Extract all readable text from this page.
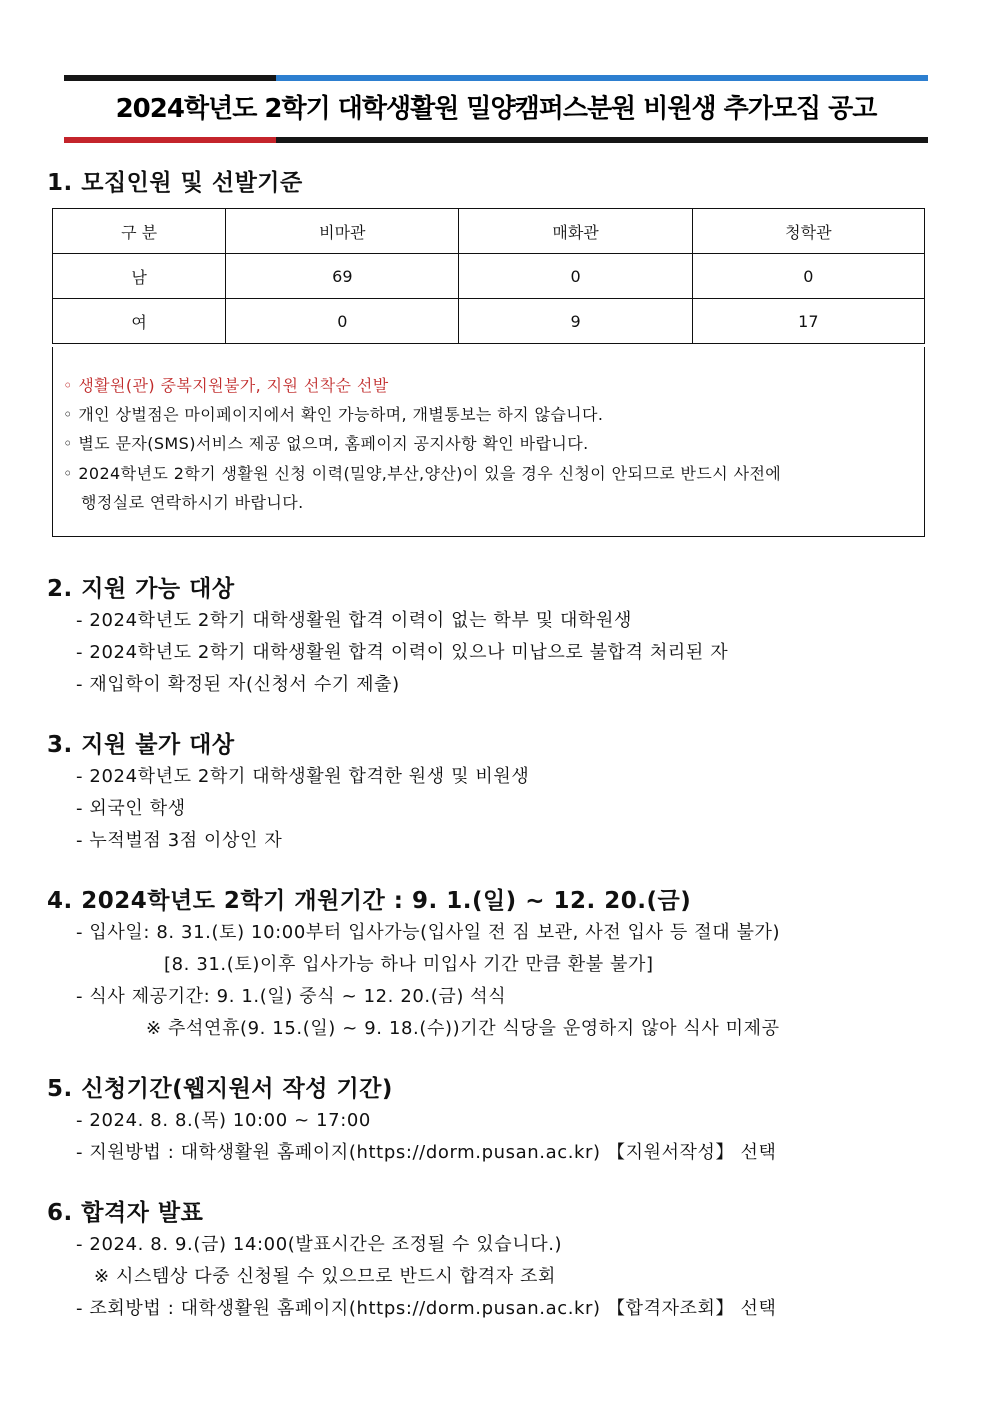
2024학년도 2학기 대학생활원 밀양캠퍼스분원 비원생 추가모집 공고
1. 모집인원 및 선발기준
구 분	비마관	매화관	청학관
남	69	0	0
여	0	9	17
◦ 생활원(관) 중복지원불가, 지원 선착순 선발
◦ 개인 상벌점은 마이페이지에서 확인 가능하며, 개별통보는 하지 않습니다.
◦ 별도 문자(SMS)서비스 제공 없으며, 홈페이지 공지사항 확인 바랍니다.
◦ 2024학년도 2학기 생활원 신청 이력(밀양,부산,양산)이 있을 경우 신청이 안되므로 반드시 사전에
행정실로 연락하시기 바랍니다.
2. 지원 가능 대상
- 2024학년도 2학기 대학생활원 합격 이력이 없는 학부 및 대학원생
- 2024학년도 2학기 대학생활원 합격 이력이 있으나 미납으로 불합격 처리된 자
- 재입학이 확정된 자(신청서 수기 제출)
3. 지원 불가 대상
- 2024학년도 2학기 대학생활원 합격한 원생 및 비원생
- 외국인 학생
- 누적벌점 3점 이상인 자
4. 2024학년도 2학기 개원기간 : 9. 1.(일) ~ 12. 20.(금)
- 입사일: 8. 31.(토) 10:00부터 입사가능(입사일 전 짐 보관, 사전 입사 등 절대 불가)
[8. 31.(토)이후 입사가능 하나 미입사 기간 만큼 환불 불가]
- 식사 제공기간: 9. 1.(일) 중식 ~ 12. 20.(금) 석식
※ 추석연휴(9. 15.(일) ~ 9. 18.(수))기간 식당을 운영하지 않아 식사 미제공
5. 신청기간(웹지원서 작성 기간)
- 2024. 8. 8.(목) 10:00 ~ 17:00
- 지원방법 : 대학생활원 홈페이지(https://dorm.pusan.ac.kr) 【지원서작성】 선택
6. 합격자 발표
- 2024. 8. 9.(금) 14:00(발표시간은 조정될 수 있습니다.)
※ 시스템상 다중 신청될 수 있으므로 반드시 합격자 조회
- 조회방법 : 대학생활원 홈페이지(https://dorm.pusan.ac.kr) 【합격자조회】 선택
